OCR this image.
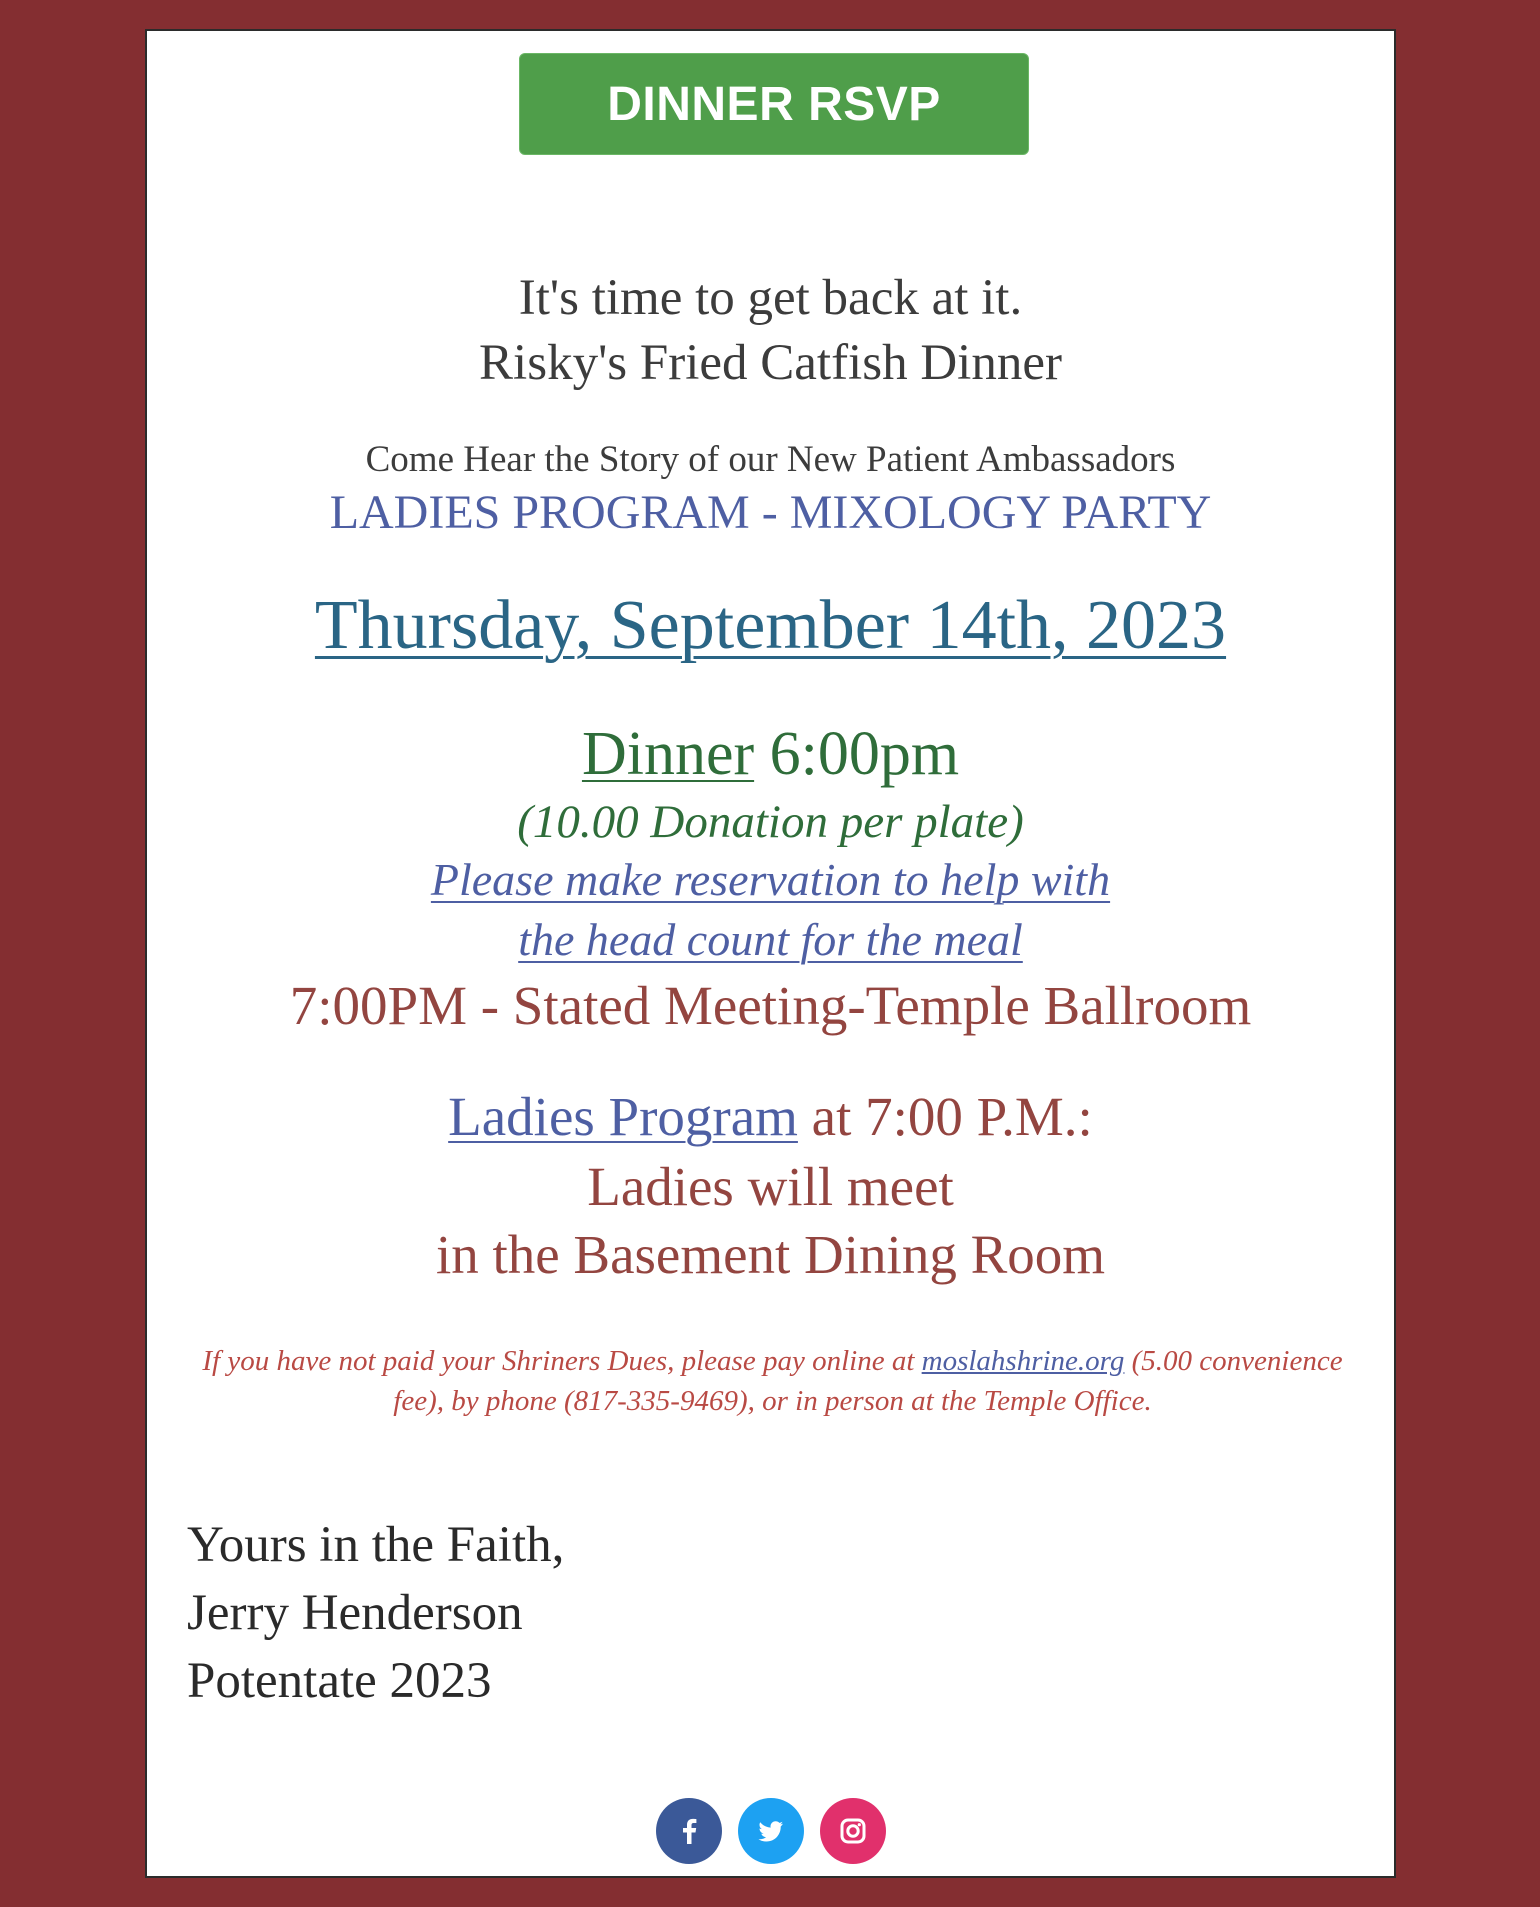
DINNER RSVP
It's time to get back at it.
Risky's Fried Catfish Dinner
Come Hear the Story of our New Patient Ambassadors
LADIES PROGRAM - MIXOLOGY PARTY
Thursday, September 14th, 2023
Dinner 6:00pm
(10.00 Donation per plate)
Please make reservation to help with
the head count for the meal
7:00PM - Stated Meeting-Temple Ballroom
Ladies Program at 7:00 P.M.:
Ladies will meet
in the Basement Dining Room
If you have not paid your Shriners Dues, please pay online at moslahshrine.org (5.00 convenience fee), by phone (817-335-9469), or in person at the Temple Office.
Yours in the Faith,
Jerry Henderson
Potentate 2023
